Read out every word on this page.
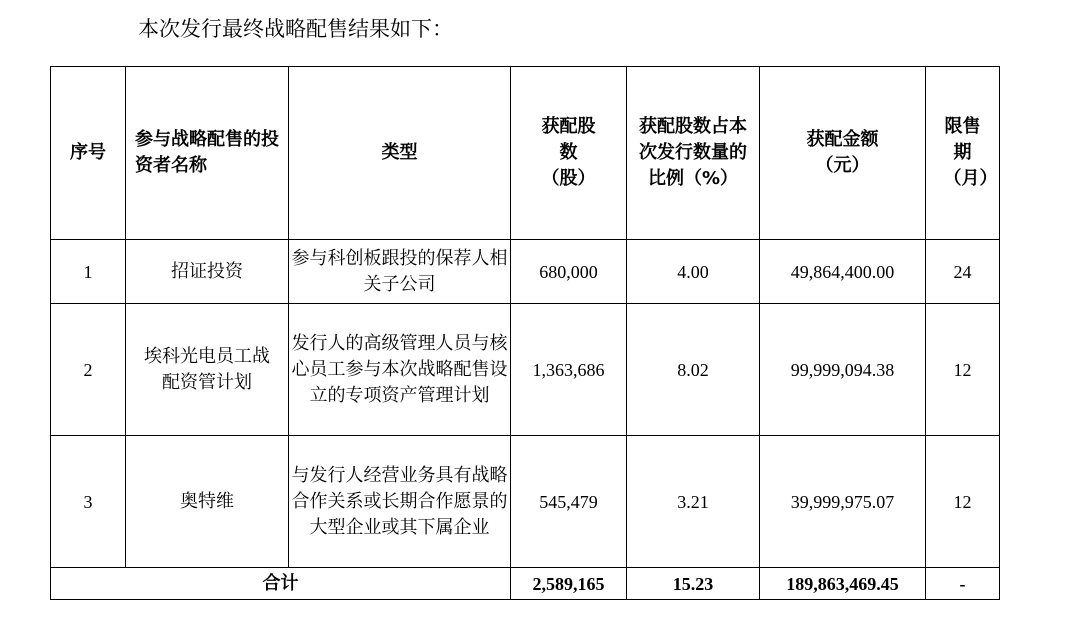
本次发行最终战略配售结果如下：
序号	参与战略配售的投资者名称	类型	获配股数（股）	获配股数占本次发行数量的比例（%）	获配金额（元）	限售期（月）

1	招证投资	参与科创板跟投的保荐人相关子公司	680,000	4.00	49,864,400.00	24
2	埃科光电员工战配资管计划	发行人的高级管理人员与核心员工参与本次战略配售设立的专项资产管理计划	1,363,686	8.02	99,999,094.38	12
3	奥特维	与发行人经营业务具有战略合作关系或长期合作愿景的大型企业或其下属企业	545,479	3.21	39,999,975.07	12
合计			2,589,165	15.23	189,863,469.45	-
